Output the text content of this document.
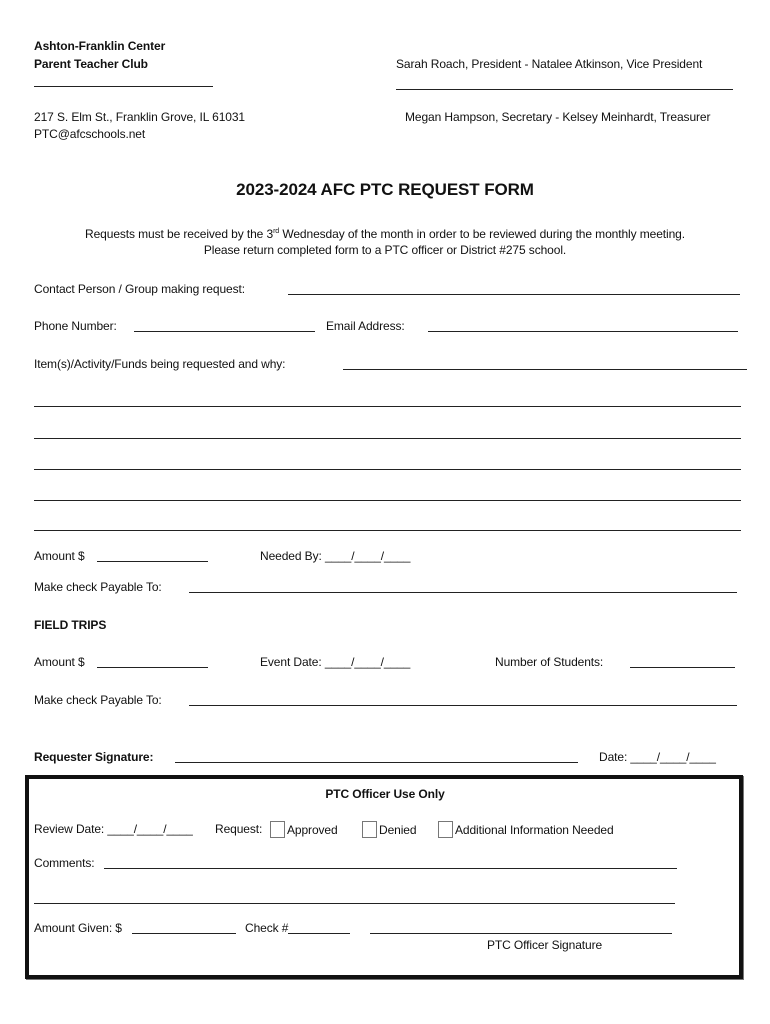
Ashton-Franklin Center
Parent Teacher Club	Sarah Roach, President - Natalee Atkinson, Vice President
217 S. Elm St., Franklin Grove, IL 61031
PTC@afcschools.net
Megan Hampson, Secretary - Kelsey Meinhardt, Treasurer
2023-2024 AFC PTC REQUEST FORM
Requests must be received by the 3rd Wednesday of the month in order to be reviewed during the monthly meeting.
Please return completed form to a PTC officer or District #275 school.
Contact Person / Group making request:
Phone Number:	Email Address:
Item(s)/Activity/Funds being requested and why:
Amount $	Needed By: ____/____/____
Make check Payable To:
FIELD TRIPS
Amount $	Event Date: ____/____/____	Number of Students:
Make check Payable To:
Requester Signature:	Date: ____/____/____
PTC Officer Use Only
Review Date: ____/____/____ Request:	Approved	Denied	Additional Information Needed
Comments:
Amount Given: $	Check #
PTC Officer Signature
